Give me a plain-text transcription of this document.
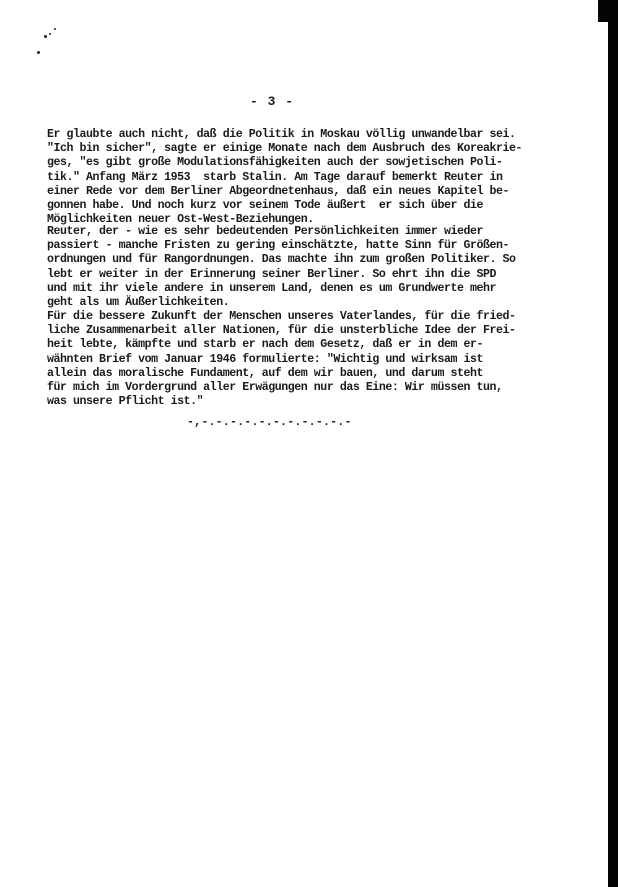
- 3 -
Er glaubte auch nicht, daß die Politik in Moskau völlig unwandelbar sei.
"Ich bin sicher", sagte er einige Monate nach dem Ausbruch des Koreakrie-
ges, "es gibt große Modulationsfähigkeiten auch der sowjetischen Poli-
tik." Anfang März 1953  starb Stalin. Am Tage darauf bemerkt Reuter in
einer Rede vor dem Berliner Abgeordnetenhaus, daß ein neues Kapitel be-
gonnen habe. Und noch kurz vor seinem Tode äußert  er sich über die
Möglichkeiten neuer Ost-West-Beziehungen.
Reuter, der - wie es sehr bedeutenden Persönlichkeiten immer wieder
passiert - manche Fristen zu gering einschätzte, hatte Sinn für Größen-
ordnungen und für Rangordnungen. Das machte ihn zum großen Politiker. So
lebt er weiter in der Erinnerung seiner Berliner. So ehrt ihn die SPD
und mit ihr viele andere in unserem Land, denen es um Grundwerte mehr
geht als um Äußerlichkeiten.
Für die bessere Zukunft der Menschen unseres Vaterlandes, für die fried-
liche Zusammenarbeit aller Nationen, für die unsterbliche Idee der Frei-
heit lebte, kämpfte und starb er nach dem Gesetz, daß er in dem er-
wähnten Brief vom Januar 1946 formulierte: "Wichtig und wirksam ist
allein das moralische Fundament, auf dem wir bauen, und darum steht
für mich im Vordergrund aller Erwägungen nur das Eine: Wir müssen tun,
was unsere Pflicht ist."
-,-.-.-.-.-.-.-.-.-.-.-
